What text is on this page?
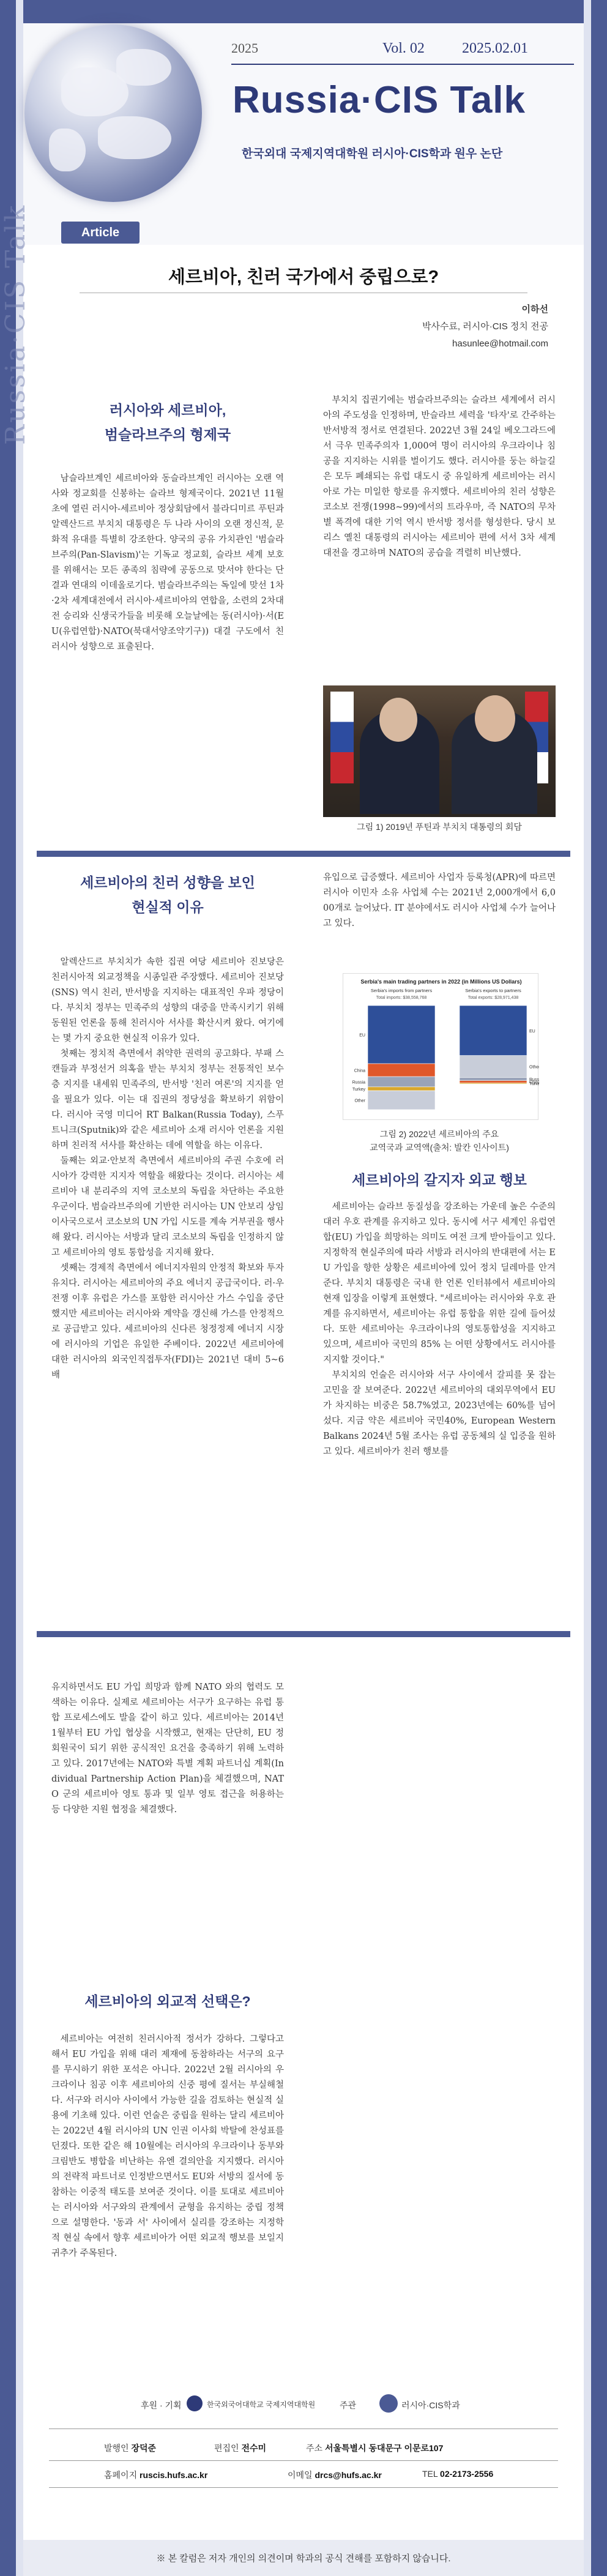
Russia·CIS Talk
2025	Vol. 02	2025.02.01
Russia·CIS Talk
한국외대 국제지역대학원 러시아·CIS학과 원우 논단
Article
세르비아, 친러 국가에서 중립으로?
이하선
박사수료, 러시아·CIS 정치 전공
hasunlee@hotmail.com
러시아와 세르비아,
범슬라브주의 형제국

남슬라브계인 세르비아와 동슬라브계인 러시아는 오랜 역사와 정교회를 신봉하는 슬라브 형제국이다. 2021년 11월초에 열린 러시아-세르비아 정상회담에서 블라디미르 푸틴과 알렉산드르 부치치 대통령은 두 나라 사이의 오랜 정신적, 문화적 유대를 특별히 강조한다. 양국의 공유 가치관인 '범슬라브주의(Pan-Slavism)'는 기독교 정교회, 슬라브 세계 보호를 위해서는 모든 종족의 침략에 공동으로 맞서야 한다는 단결과 연대의 이데올로기다. 범슬라브주의는 독일에 맞선 1차·2차 세계대전에서 러시아·세르비아의 연합을, 소련의 2차대전 승리와 신생국가들을 비롯해 오늘날에는 동(러시아)·서(EU(유럽연합)·NATO(북대서양조약기구)) 대결 구도에서 친러시아 성향으로 표출된다.

부치치 집권기에는 범슬라브주의는 슬라브 세계에서 러시아의 주도성을 인정하며, 반슬라브 세력을 '타자'로 간주하는 반서방적 정서로 연결된다. 2022년 3월 24일 베오그라드에서 극우 민족주의자 1,000여 명이 러시아의 우크라이나 침공을 지지하는 시위를 벌이기도 했다. 러시아를 둥는 하늘길 은 모두 폐쇄되는 유럽 대도시 중 유일하게 세르비아는 러시아로 가는 미일한 항로를 유지했다. 세르비아의 친러 성향은 코소보 전쟁(1998~99)에서의 트라우마, 즉 NATO의 무차별 폭격에 대한 기억 역시 반서방 정서를 형성한다. 당시 보리스 옐친 대통령의 러시아는 세르비아 편에 서서 3차 세계대전을 경고하며 NATO의 공습을 격렬히 비난했다.

그림 1) 2019년 푸틴과 부치치 대통령의 회담
세르비아의 친러 성향을 보인
현실적 이유

알렉산드르 부치치가 속한 집권 여당 세르비아 진보당은 친러시아적 외교정책을 시종일관 주장했다. 세르비아 진보당(SNS) 역시 친러, 반서방을 지지하는 대표적인 우파 정당이다. 부치치 정부는 민족주의 성향의 대중을 만족시키기 위해 동원된 언론을 통해 친러시아 서사를 확산시켜 왔다. 여기에는 몇 가지 중요한 현실적 이유가 있다.

첫째는 정치적 측면에서 취약한 권력의 공고화다. 부패 스캔들과 부정선거 의혹을 받는 부치치 정부는 전통적인 보수층 지지를 내세워 민족주의, 반서방 '친러 여론'의 지지를 얻을 필요가 있다. 이는 대 집권의 정당성을 확보하기 위함이다. 러시아 국영 미디어 RT Balkan(Russia Today), 스푸트니크(Sputnik)와 같은 세르비아 소재 러시아 언론을 지원하며 친러적 서사를 확산하는 데에 역할을 하는 이유다.

둘째는 외교·안보적 측면에서 세르비아의 주권 수호에 러시아가 강력한 지지자 역할을 해왔다는 것이다. 러시아는 세르비아 내 분리주의 지역 코소보의 독립을 차단하는 주요한 우군이다. 범슬라브주의에 기반한 러시아는 UN 안보리 상임이사국으로서 코소보의 UN 가입 시도를 계속 거부권을 행사해 왔다. 러시아는 서방과 달리 코소보의 독립을 인정하지 않고 세르비아의 영토 통합성을 지지해 왔다.

셋째는 경제적 측면에서 에너지자원의 안정적 확보와 투자유치다. 러시아는 세르비아의 주요 에너지 공급국이다. 러·우 전쟁 이후 유럽은 가스를 포함한 러시아산 가스 수입을 중단했지만 세르비아는 러시아와 계약을 갱신해 가스를 안정적으로 공급받고 있다. 세르비아의 신다른 청정정제 에너지 시장에 러시아의 기업은 유일한 주베이다. 2022년 세르비아에 대한 러시아의 외국인직접투자(FDI)는 2021년 대비 5~6배

유입으로 급증했다. 세르비아 사업자 등록청(APR)에 따르면 러시아 이민자 소유 사업체 수는 2021년 2,000개에서 6,000개로 늘어났다. IT 분야에서도 러시아 사업체 수가 늘어나고 있다.

Serbia's main trading partners in 2022 (in Millions US Dollars)
Serbia's imports from partners
Total imports: $38,558,768
EU
China
Russia
Turkey
Other
Serbia's exports to partners
Total exports: $28,971,438
EU
Other
Russ
Chin
Turke
그림 2) 2022년 세르비아의 주요
교역국과 교역액(출처: 발칸 인사이트)
세르비아의 갈지자 외교 행보

세르비아는 슬라브 동질성을 강조하는 가운데 높은 수준의 대러 우호 관계를 유지하고 있다. 동시에 서구 세계인 유럽연합(EU) 가입을 희망하는 의미도 여전 크게 받아들이고 있다. 지정학적 현실주의에 따라 서방과 러시아의 반대편에 서는 EU 가입을 향한 상황은 세르비아에 있어 정치 딜레마를 안겨준다. 부치치 대통령은 국내 한 언론 인터뷰에서 세르비아의 현재 입장을 이렇게 표현했다. "세르비아는 러시아와 우호 관계를 유지하면서, 세르비아는 유럽 통합을 위한 길에 들어섰다. 또한 세르비아는 우크라이나의 영토통합성을 지지하고 있으며, 세르비아 국민의 85% 는 어떤 상황에서도 러시아를 지지할 것이다."

부치치의 언술은 러시아와 서구 사이에서 갈피를 못 잡는 고민을 잘 보여준다. 2022년 세르비아의 대외무역에서 EU가 차지하는 비중은 58.7%였고, 2023년에는 60%를 넘어섰다. 지금 약은 세르비아 국민40%, European Western Balkans 2024년 5월 조사는 유럽 공동체의 실 입증을 원하고 있다. 세르비아가 친러 행보를

유지하면서도 EU 가입 희망과 함께 NATO 와의 협력도 모색하는 이유다. 실제로 세르비아는 서구가 요구하는 유럽 통합 프로세스에도 발을 같이 하고 있다. 세르비아는 2014년 1월부터 EU 가입 협상을 시작했고, 현재는 단단히, EU 정회원국이 되기 위한 공식적인 요건을 충족하기 위해 노력하고 있다. 2017년에는 NATO와 특별 계획 파트너십 계획(Individual Partnership Action Plan)을 체결했으며, NATO 군의 세르비아 영토 통과 및 일부 영토 접근을 허용하는 등 다양한 지원 협정을 체결했다.

세르비아의 외교적 선택은?

세르비아는 여전히 친러시아적 정서가 강하다. 그렇다고 해서 EU 가입을 위해 대러 제재에 동참하라는 서구의 요구를 무시하기 위한 포석은 아니다. 2022년 2월 러시아의 우크라이나 침공 이후 세르비아의 신중 평에 질서는 부실해철다. 서구와 러시아 사이에서 가능한 길을 검토하는 현실적 실용에 기초해 있다. 이런 언술은 중립을 원하는 달리 세르비아는 2022년 4월 러시아의 UN 인권 이사회 박탈에 찬성표를 던졌다. 또한 같은 해 10월에는 러시아의 우크라이나 동부와 크림반도 병합을 비난하는 유엔 결의안을 지지했다. 러시아의 전략적 파트너로 인정받으면서도 EU와 서방의 질서에 동참하는 이중적 태도를 보여준 것이다. 이를 토대로 세르비아는 러시아와 서구와의 관계에서 균형을 유지하는 중립 정책으로 설명한다. '동과 서' 사이에서 실리를 강조하는 지정학적 현실 속에서 향후 세르비아가 어떤 외교적 행보를 보일지 귀추가 주목된다.

후원 · 기획	한국외국어대학교 국제지역대학원	주관	러시아·CIS학과
발행인 장덕준	편집인 전수미	주소 서울특별시 동대문구 이문로107
홈페이지 ruscis.hufs.ac.kr	이메일 drcs@hufs.ac.kr	TEL 02-2173-2556
※ 본 칼럼은 저자 개인의 의견이며 학과의 공식 견해를 포함하지 않습니다.
